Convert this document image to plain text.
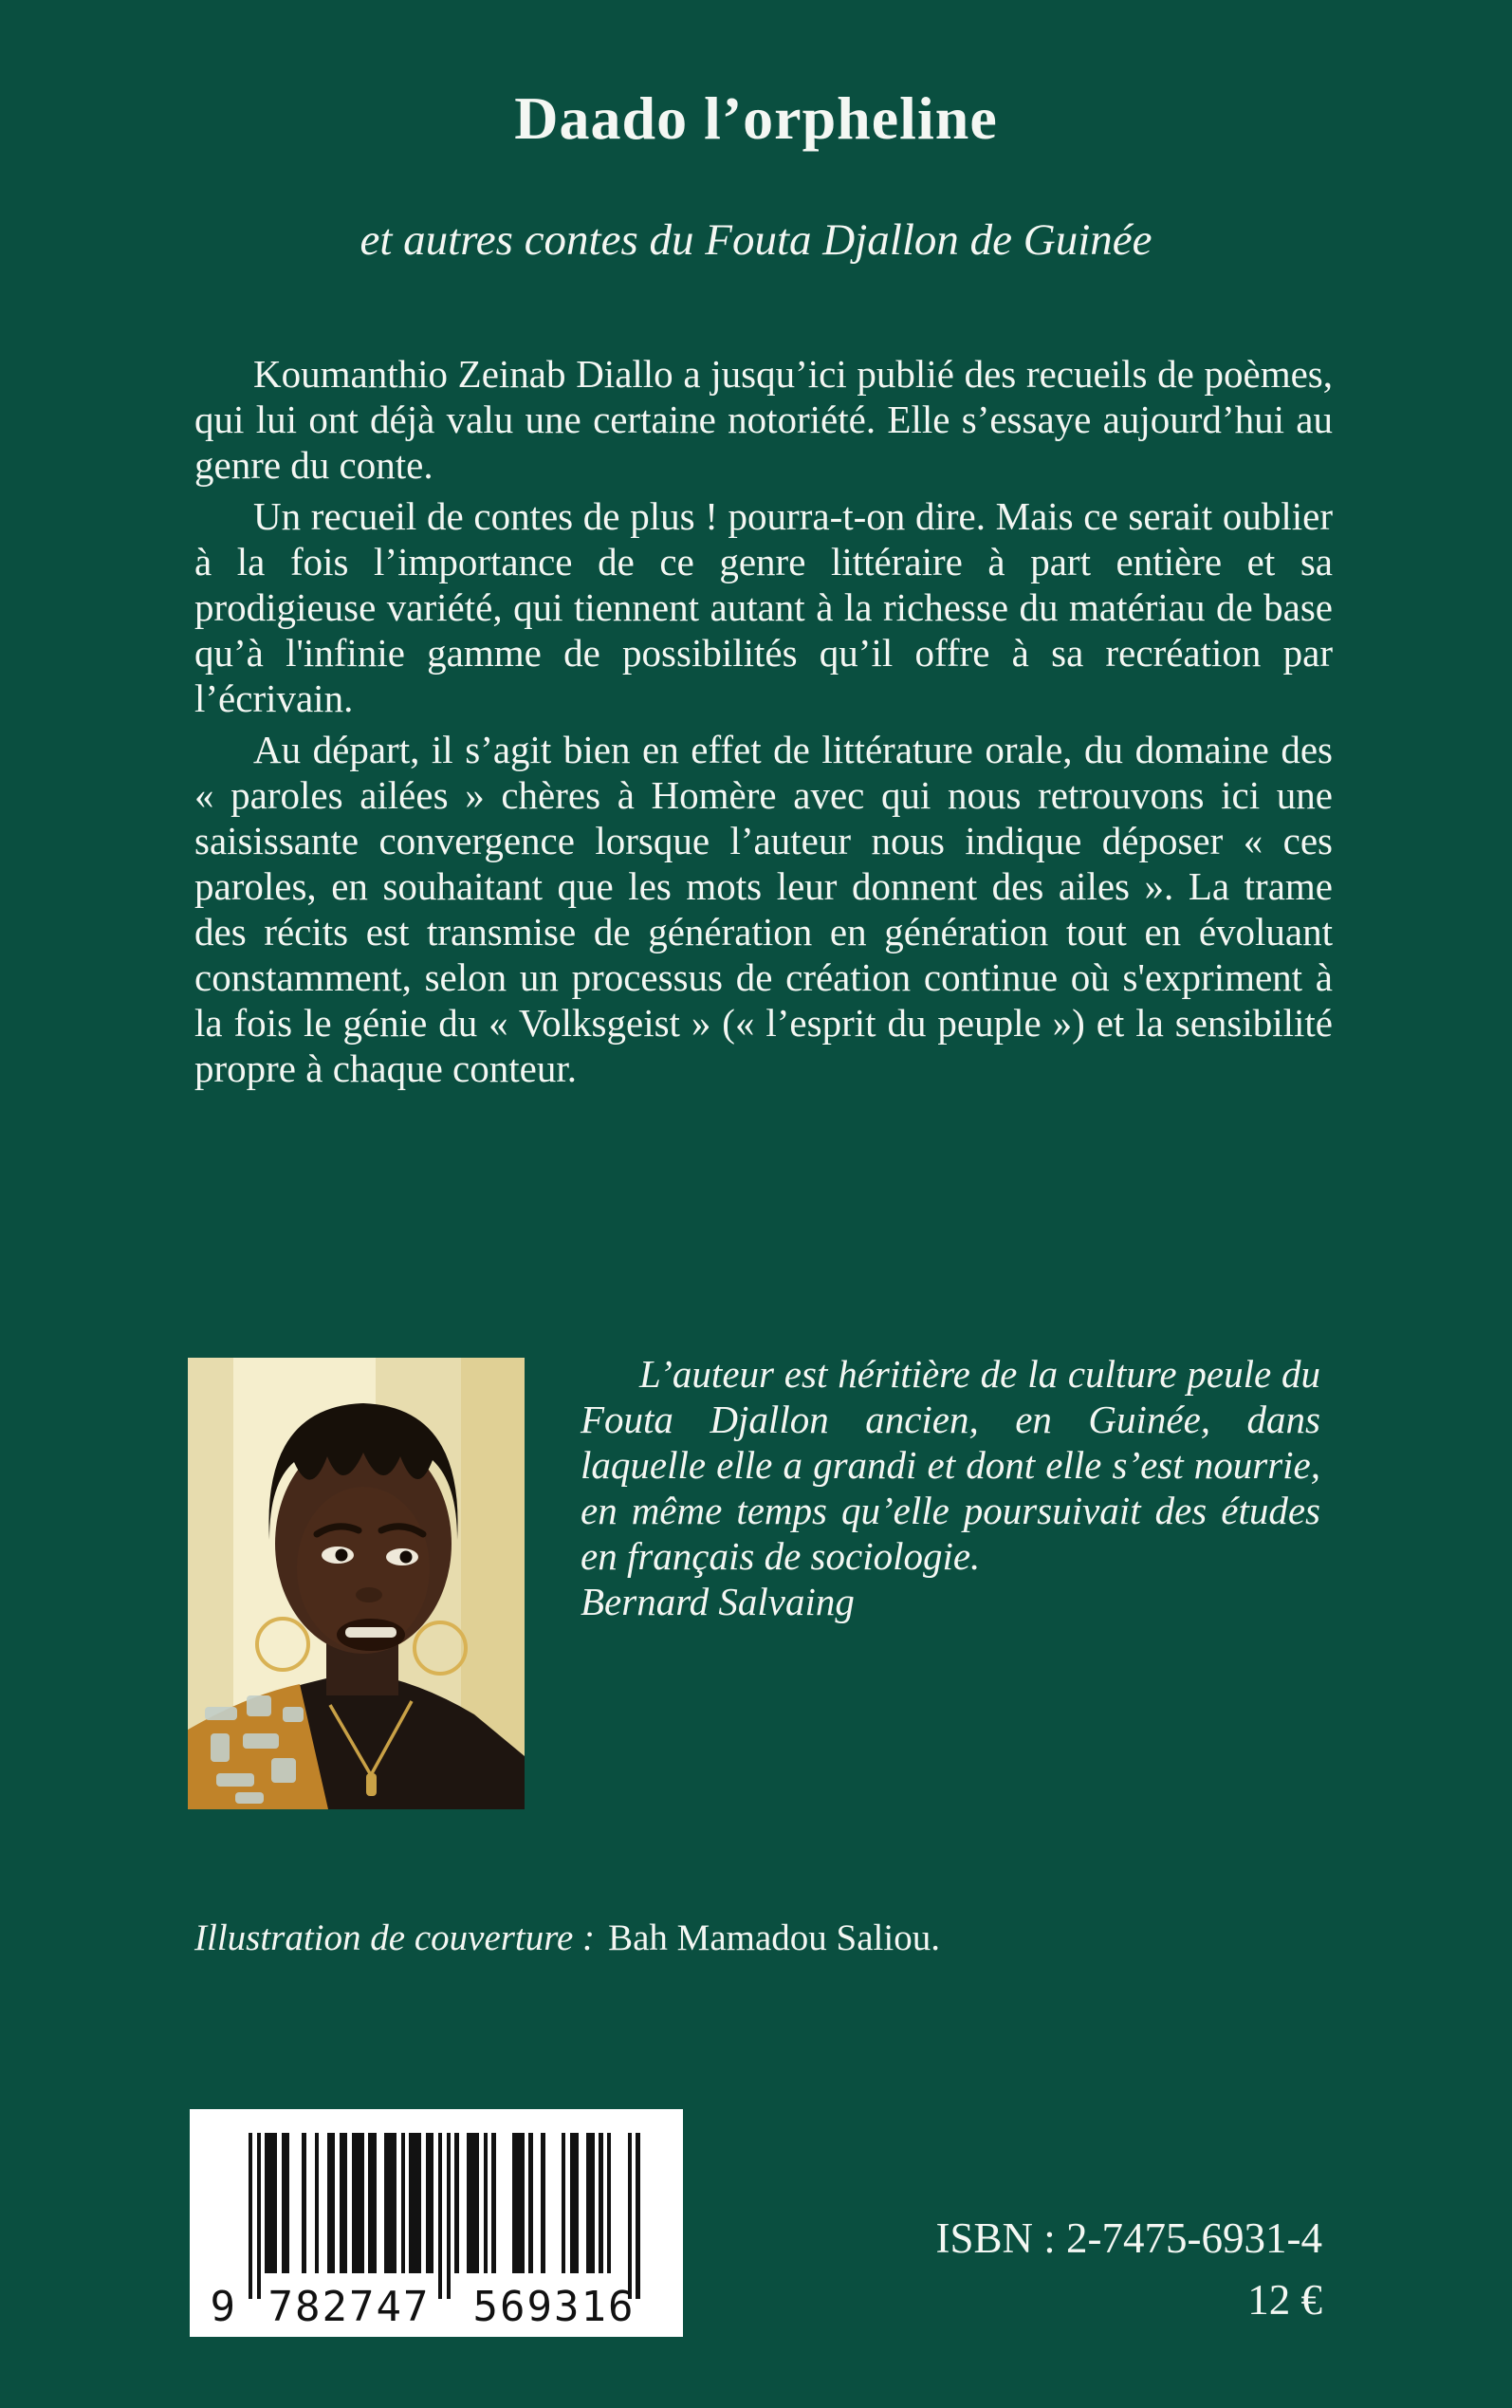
Daado l’orpheline
et autres contes du Fouta Djallon de Guinée

Koumanthio Zeinab Diallo a jusqu’ici publié des recueils de poèmes, qui lui ont déjà valu une certaine notoriété. Elle s’essaye aujourd’hui au genre du conte.

Un recueil de contes de plus ! pourra-t-on dire. Mais ce serait oublier à la fois l’importance de ce genre littéraire à part entière et sa prodigieuse variété, qui tiennent autant à la richesse du matériau de base qu’à l'infinie gamme de possibilités qu’il offre à sa recréation par l’écrivain.

Au départ, il s’agit bien en effet de littérature orale, du domaine des « paroles ailées » chères à Homère avec qui nous retrouvons ici une saisissante convergence lorsque l’auteur nous indique déposer « ces paroles, en souhaitant que les mots leur donnent des ailes ». La trame des récits est transmise de génération en génération tout en évoluant constamment, selon un processus de création continue où s'expriment à la fois le génie du « Volksgeist » (« l’esprit du peuple ») et la sensibilité propre à chaque conteur.

L’auteur est héritière de la culture peule du Fouta Djallon ancien, en Guinée, dans laquelle elle a grandi et dont elle s’est nourrie, en même temps qu’elle poursuivait des études en français de sociologie.

Bernard Salvaing

Illustration de couverture : Bah Mamadou Saliou.

9 782747 569316
ISBN : 2-7475-6931-4
12 €
